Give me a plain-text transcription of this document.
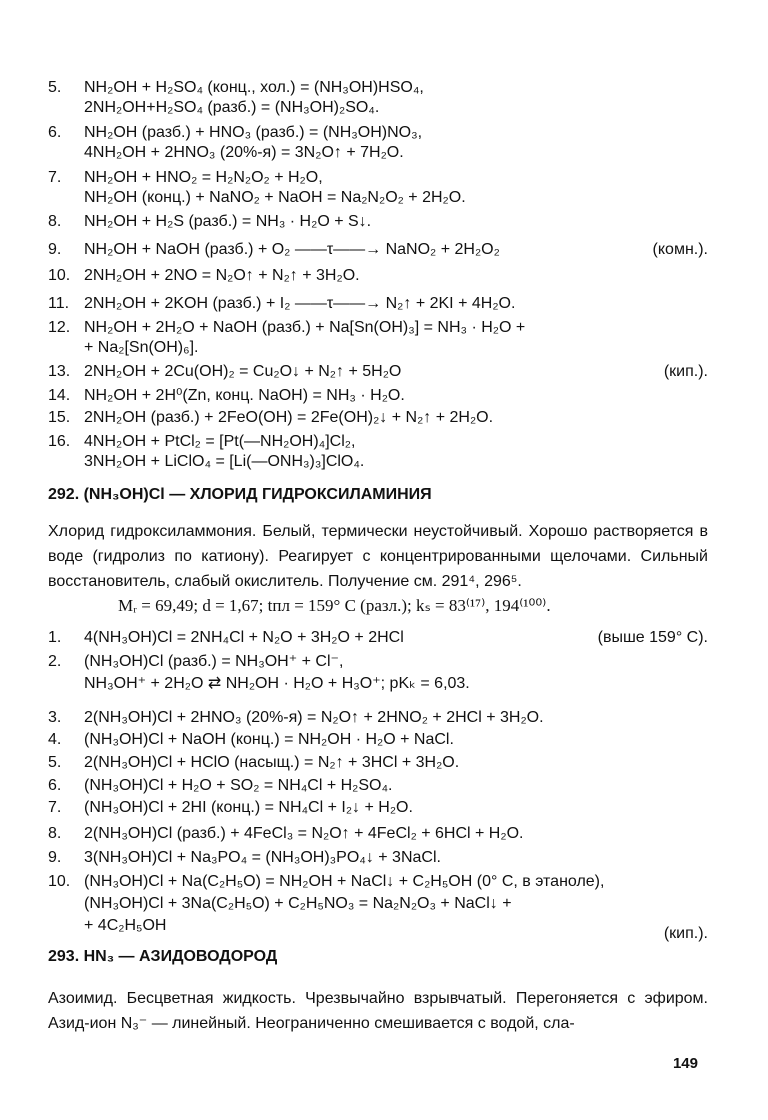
5.	NH₂OH + H₂SO₄ (конц., хол.) = (NH₃OH)HSO₄,
2NH₂OH+H₂SO₄ (разб.) = (NH₃OH)₂SO₄.
6.	NH₂OH (разб.) + HNO₃ (разб.) = (NH₃OH)NO₃,
4NH₂OH + 2HNO₃ (20%-я) = 3N₂O↑ + 7H₂O.
7.	NH₂OH + HNO₂ = H₂N₂O₂ + H₂O,
NH₂OH (конц.) + NaNO₂ + NaOH = Na₂N₂O₂ + 2H₂O.
8.	NH₂OH + H₂S (разб.) = NH₃ · H₂O + S↓.
9.	NH₂OH + NaOH (разб.) + O₂ ——τ——→ NaNO₂ + 2H₂O₂	(комн.).
10. 2NH₂OH + 2NO = N₂O↑ + N₂↑ + 3H₂O.
11. 2NH₂OH + 2KOH (разб.) + I₂ ——τ——→ N₂↑ + 2KI + 4H₂O.
12. NH₂OH + 2H₂O + NaOH (разб.) + Na[Sn(OH)₃] = NH₃ · H₂O +
+ Na₂[Sn(OH)₆].
13. 2NH₂OH + 2Cu(OH)₂ = Cu₂O↓ + N₂↑ + 5H₂O	(кип.).
14. NH₂OH + 2H⁰(Zn, конц. NaOH) = NH₃ · H₂O.
15. 2NH₂OH (разб.) + 2FeO(OH) = 2Fe(OH)₂↓ + N₂↑ + 2H₂O.
16. 4NH₂OH + PtCl₂ = [Pt(—NH₂OH)₄]Cl₂,
3NH₂OH + LiClO₄ = [Li(—ONH₃)₃]ClO₄.
292. (NH₃OH)Cl — ХЛОРИД ГИДРОКСИЛАМИНИЯ
Хлорид гидроксиламмония. Белый, термически неустойчивый. Хорошо растворяется в воде (гидролиз по катиону). Реагирует с концентрированными щелочами. Сильный восстановитель, слабый окислитель. Получение см. 291⁴, 296⁵.
Mᵣ = 69,49; d = 1,67; tпл = 159° C (разл.); kₛ = 83⁽¹⁷⁾, 194⁽¹⁰⁰⁾.
1.	4(NH₃OH)Cl = 2NH₄Cl + N₂O + 3H₂O + 2HCl	(выше 159° C).
2.	(NH₃OH)Cl (разб.) = NH₃OH⁺ + Cl⁻,
NH₃OH⁺ + 2H₂O ⇄ NH₂OH · H₂O + H₃O⁺; pKₖ = 6,03.
3.	2(NH₃OH)Cl + 2HNO₃ (20%-я) = N₂O↑ + 2HNO₂ + 2HCl + 3H₂O.
4.	(NH₃OH)Cl + NaOH (конц.) = NH₂OH · H₂O + NaCl.
5.	2(NH₃OH)Cl + HClO (насыщ.) = N₂↑ + 3HCl + 3H₂O.
6.	(NH₃OH)Cl + H₂O + SO₂ = NH₄Cl + H₂SO₄.
7.	(NH₃OH)Cl + 2HI (конц.) = NH₄Cl + I₂↓ + H₂O.
8.	2(NH₃OH)Cl (разб.) + 4FeCl₃ = N₂O↑ + 4FeCl₂ + 6HCl + H₂O.
9.	3(NH₃OH)Cl + Na₃PO₄ = (NH₃OH)₃PO₄↓ + 3NaCl.
10. (NH₃OH)Cl + Na(C₂H₅O) = NH₂OH + NaCl↓ + C₂H₅OH (0° C, в этаноле),
(NH₃OH)Cl + 3Na(C₂H₅O) + C₂H₅NO₃ = Na₂N₂O₃ + NaCl↓ +
+ 4C₂H₅OH	(кип.).
293. HN₃ — АЗИДОВОДОРОД
Азоимид. Бесцветная жидкость. Чрезвычайно взрывчатый. Перегоняется с эфиром. Азид-ион N₃⁻ — линейный. Неограниченно смешивается с водой, сла-
149
